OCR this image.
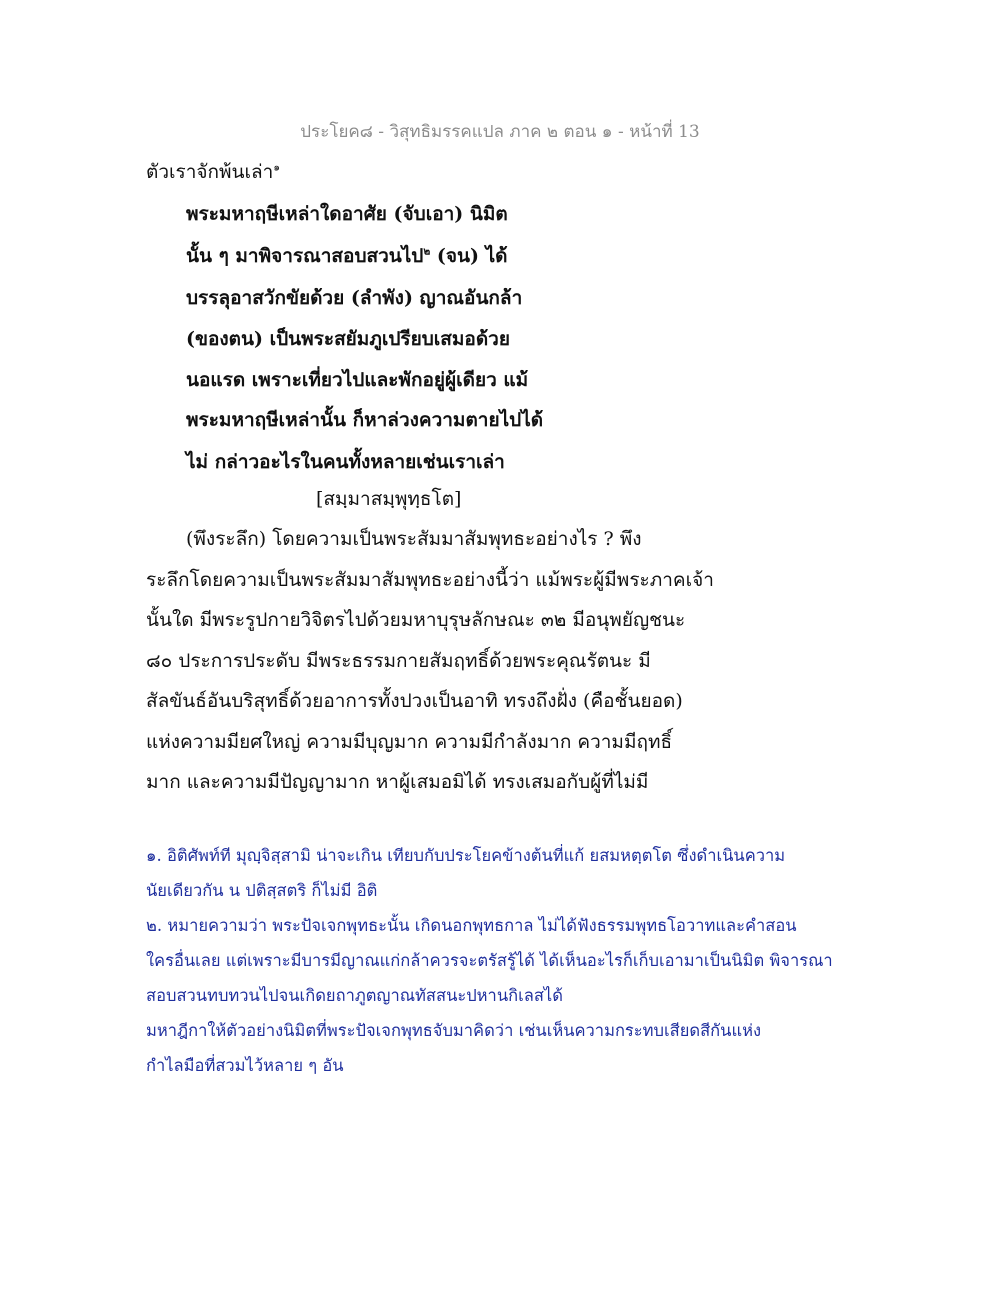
ประโยค๘ - วิสุทธิมรรคแปล ภาค ๒ ตอน ๑ - หน้าที่ 13
ตัวเราจักพ้นเล่า$^๑$
พระมหาฤษีเหล่าใดอาศัย (จับเอา) นิมิต
นั้น ๆ มาพิจารณาสอบสวนไป$^๒$ (จน) ได้
บรรลุอาสวักขัยด้วย (ลำพัง) ญาณอันกล้า
(ของตน) เป็นพระสยัมภูเปรียบเสมอด้วย
นอแรด เพราะเที่ยวไปและพักอยู่ผู้เดียว แม้
พระมหาฤษีเหล่านั้น ก็หาล่วงความตายไปได้
ไม่ กล่าวอะไรในคนทั้งหลายเช่นเราเล่า
[สมฺมาสมฺพุทฺธโต]
(พึงระลึก) โดยความเป็นพระสัมมาสัมพุทธะอย่างไร ? พึง
ระลึกโดยความเป็นพระสัมมาสัมพุทธะอย่างนี้ว่า แม้พระผู้มีพระภาคเจ้า
นั้นใด มีพระรูปกายวิจิตรไปด้วยมหาบุรุษลักษณะ ๓๒ มีอนุพยัญชนะ
๘๐ ประการประดับ มีพระธรรมกายสัมฤทธิ์ด้วยพระคุณรัตนะ มี
สัลขันธ์อันบริสุทธิ์ด้วยอาการทั้งปวงเป็นอาทิ ทรงถึงฝั่ง (คือชั้นยอด)
แห่งความมียศใหญ่ ความมีบุญมาก ความมีกำลังมาก ความมีฤทธิ์
มาก และความมีปัญญามาก หาผู้เสมอมิได้ ทรงเสมอกับผู้ที่ไม่มี
๑. อิติศัพท์ที มุญฺจิสฺสามิ น่าจะเกิน เทียบกับประโยคข้างต้นที่แก้ ยสมหตฺตโต ซึ่งดำเนินความ
นัยเดียวกัน น ปติสฺสตริ ก็ไม่มี อิติ
๒. หมายความว่า พระปัจเจกพุทธะนั้น เกิดนอกพุทธกาล ไม่ได้ฟังธรรมพุทธโอวาทและคำสอน
ใครอื่นเลย แต่เพราะมีบารมีญาณแก่กล้าควรจะตรัสรู้ได้ ได้เห็นอะไรก็เก็บเอามาเป็นนิมิต พิจารณา
สอบสวนทบทวนไปจนเกิดยถาภูตญาณทัสสนะปหานกิเลสได้
มหาฎีกาให้ตัวอย่างนิมิตที่พระปัจเจกพุทธจับมาคิดว่า เช่นเห็นความกระทบเสียดสีกันแห่ง
กำไลมือที่สวมไว้หลาย ๆ อัน
